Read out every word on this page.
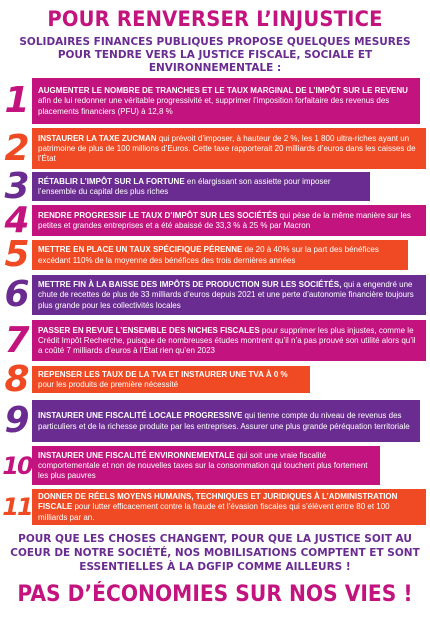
POUR RENVERSER L’INJUSTICE
SOLIDAIRES FINANCES PUBLIQUES PROPOSE QUELQUES MESURES POUR TENDRE VERS LA JUSTICE FISCALE, SOCIALE ET ENVIRONNEMENTALE :
1	AUGMENTER LE NOMBRE DE TRANCHES ET LE TAUX MARGINAL DE L’IMPÔT SUR LE REVENU afin de lui redonner une véritable progressivité et, supprimer l’imposition forfaitaire des revenus des placements financiers (PFU) à 12,8 %

2	INSTAURER LA TAXE ZUCMAN qui prévoit d’imposer, à hauteur de 2 %, les 1 800 ultra-riches ayant un patrimoine de plus de 100 millions d’Euros. Cette taxe rapporterait 20 milliards d’euros dans les caisses de l’État

3	RÉTABLIR L’IMPÔT SUR LA FORTUNE en élargissant son assiette pour imposer l’ensemble du capital des plus riches

4	RENDRE PROGRESSIF LE TAUX D’IMPÔT SUR LES SOCIÉTÉS qui pèse de la même manière sur les petites et grandes entreprises et a été abaissé de 33,3 % à 25 % par Macron

5	METTRE EN PLACE UN TAUX SPÉCIFIQUE PÉRENNE de 20 à 40% sur la part des bénéfices excédant 110% de la moyenne des bénéfices des trois dernières années

6	METTRE FIN À LA BAISSE DES IMPÔTS DE PRODUCTION SUR LES SOCIÉTÉS, qui a engendré une chute de recettes de plus de 33 milliards d’euros depuis 2021 et une perte d’autonomie financière toujours plus grande pour les collectivités locales

7	PASSER EN REVUE L’ENSEMBLE DES NICHES FISCALES pour supprimer les plus injustes, comme le Crédit Impôt Recherche, puisque de nombreuses études montrent qu’il n’a pas prouvé son utilité alors qu’il a coûté 7 milliards d’euros à l’État rien qu’en 2023

8	REPENSER LES TAUX DE LA TVA ET INSTAURER UNE TVA À 0 % pour les produits de première nécessité

9	INSTAURER UNE FISCALITÉ LOCALE PROGRESSIVE qui tienne compte du niveau de revenus des particuliers et de la richesse produite par les entreprises. Assurer une plus grande péréquation territoriale

10 INSTAURER UNE FISCALITÉ ENVIRONNEMENTALE qui soit une vraie fiscalité comportementale et non de nouvelles taxes sur la consommation qui touchent plus fortement les plus pauvres

11 DONNER DE RÉELS MOYENS HUMAINS, TECHNIQUES ET JURIDIQUES À L’ADMINISTRATION FISCALE pour lutter efficacement contre la fraude et l’évasion fiscales qui s’élèvent entre 80 et 100 milliards par an.

POUR QUE LES CHOSES CHANGENT, POUR QUE LA JUSTICE SOIT AU COEUR DE NOTRE SOCIÉTÉ, NOS MOBILISATIONS COMPTENT ET SONT ESSENTIELLES À LA DGFIP COMME AILLEURS !
PAS D’ÉCONOMIES SUR NOS VIES !
